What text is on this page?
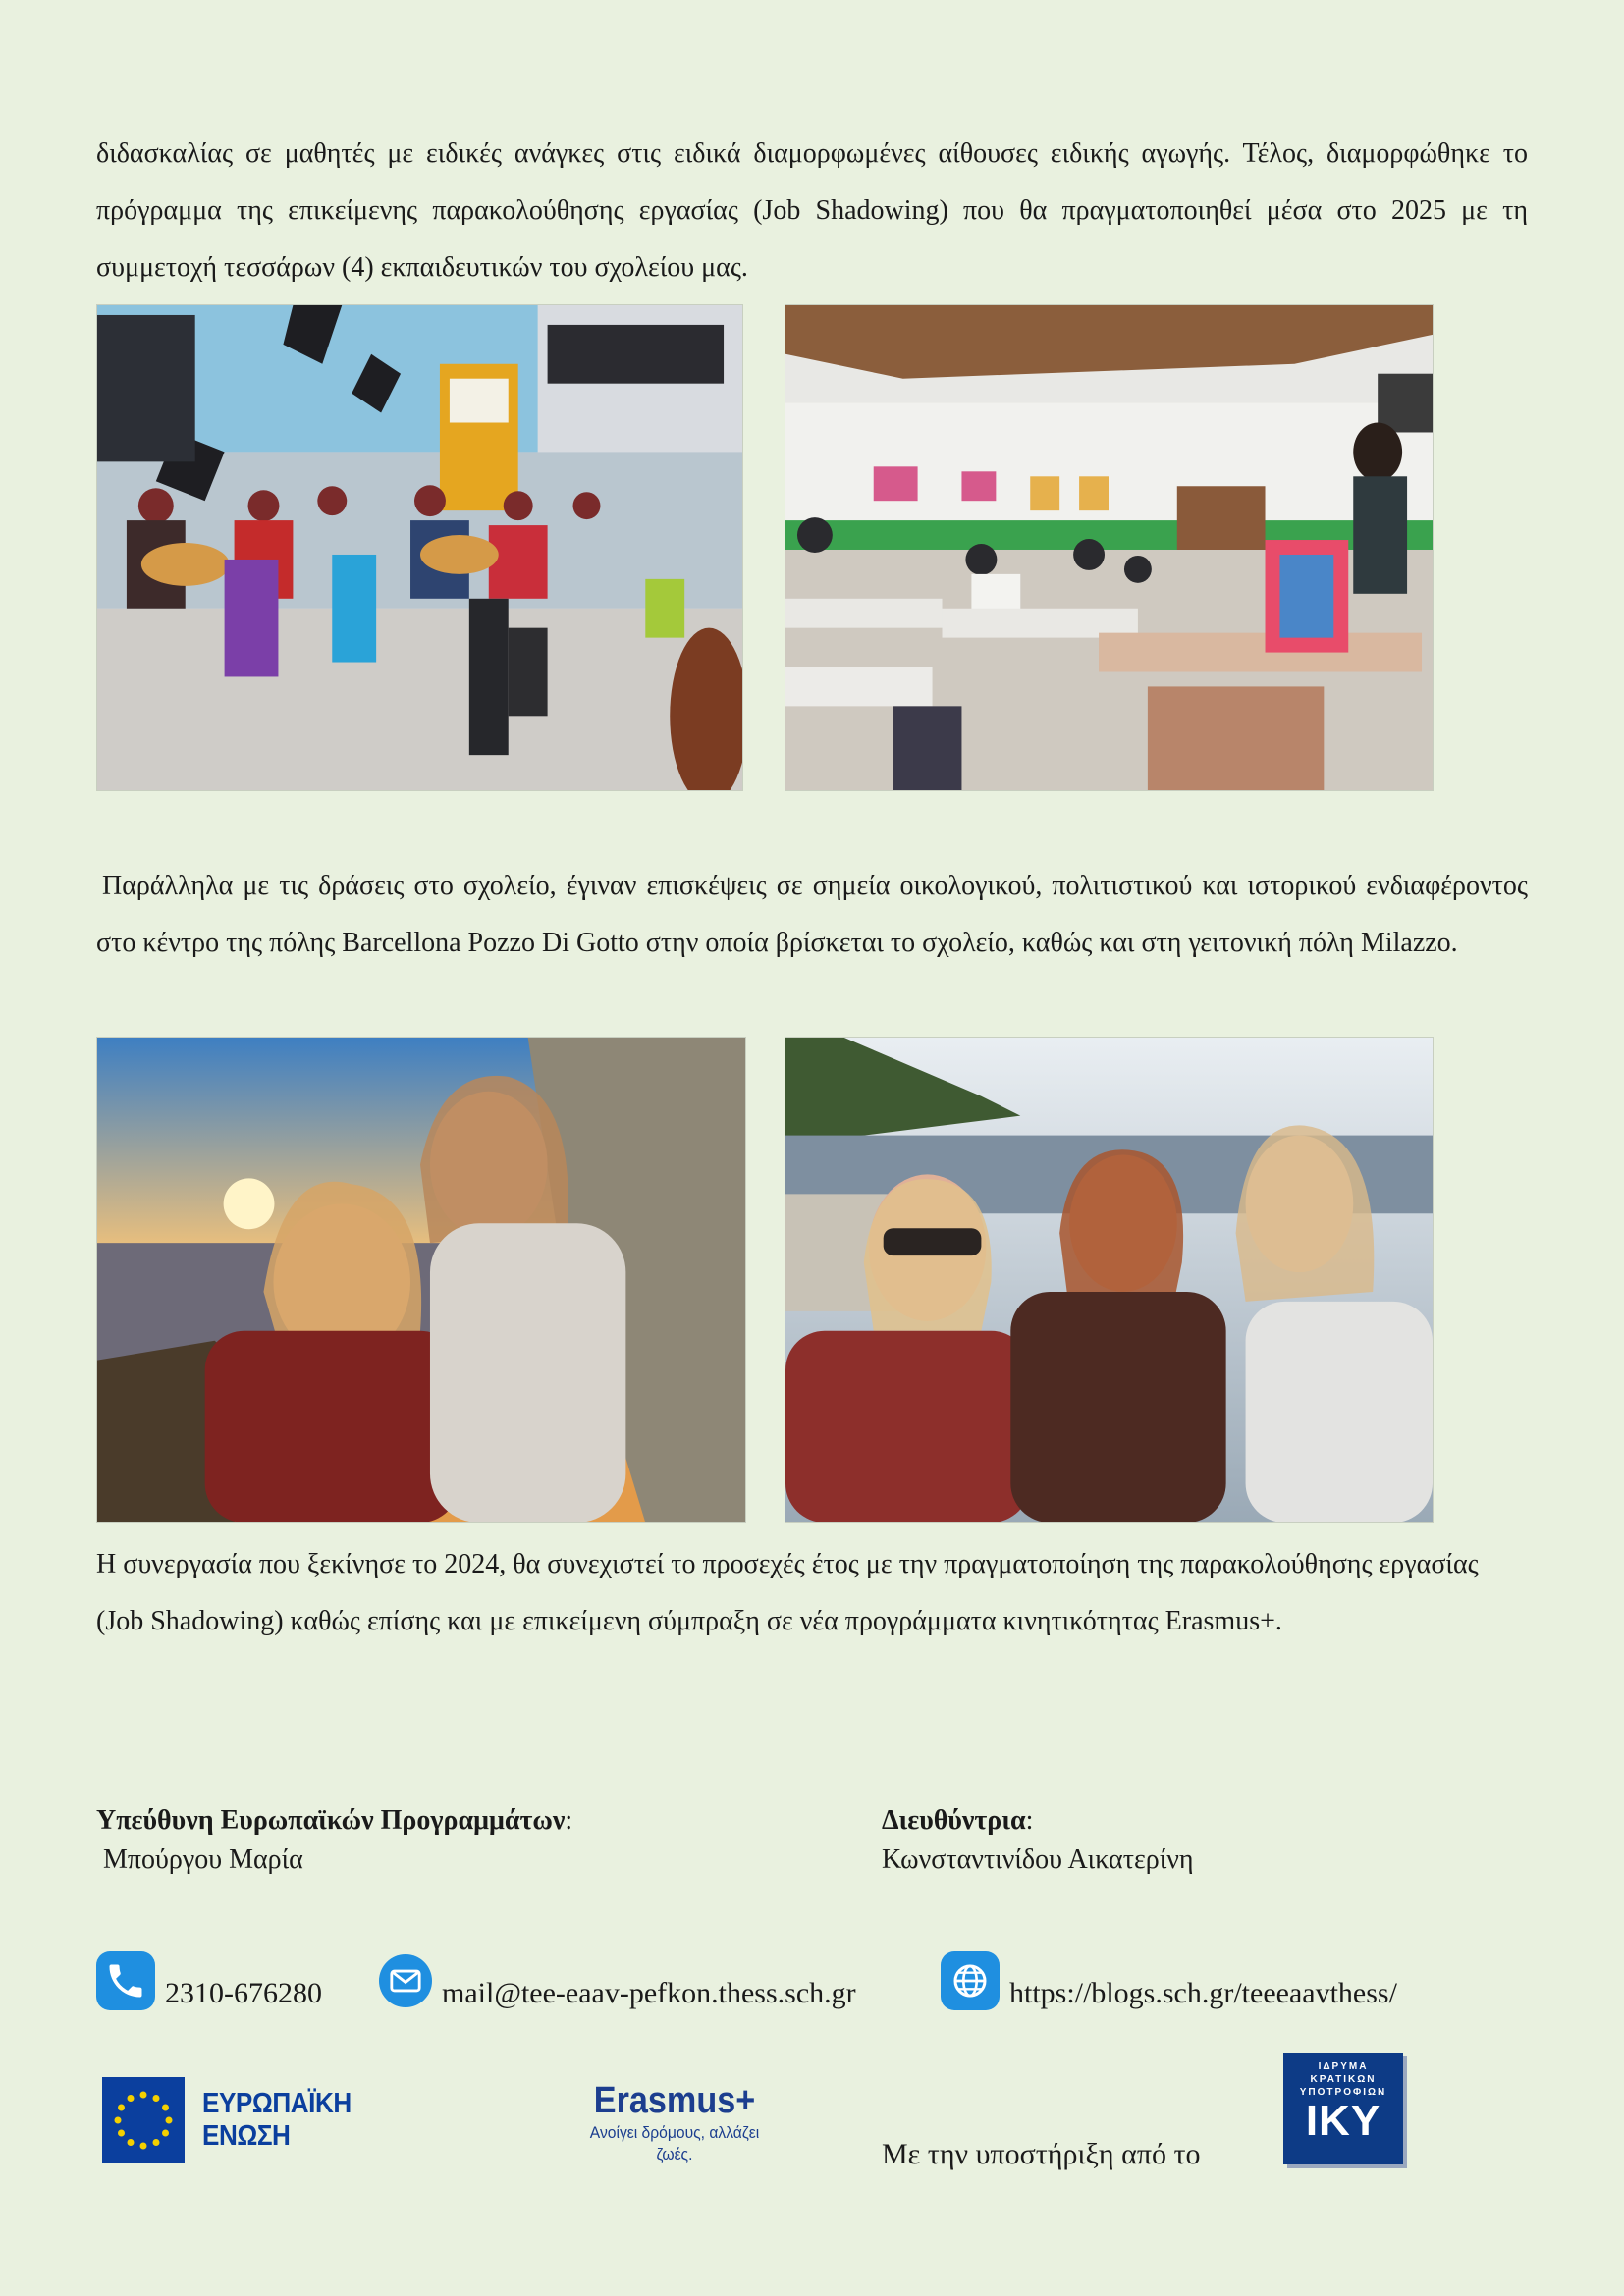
διδασκαλίας σε μαθητές με ειδικές ανάγκες στις ειδικά διαμορφωμένες αίθουσες ειδικής αγωγής. Τέλος, διαμορφώθηκε το πρόγραμμα της επικείμενης παρακολούθησης εργασίας (Job Shadowing) που θα πραγματοποιηθεί μέσα στο 2025 με τη συμμετοχή τεσσάρων (4) εκπαιδευτικών του σχολείου μας.

Παράλληλα με τις δράσεις στο σχολείο, έγιναν επισκέψεις σε σημεία οικολογικού, πολιτιστικού και ιστορικού ενδιαφέροντος στο κέντρο της πόλης Barcellona Pozzo Di Gotto στην οποία βρίσκεται το σχολείο, καθώς και στη γειτονική πόλη Milazzo.

Η συνεργασία που ξεκίνησε το 2024, θα συνεχιστεί το προσεχές έτος με την πραγματοποίηση της παρακολούθησης εργασίας (Job Shadowing) καθώς επίσης και με επικείμενη σύμπραξη σε νέα προγράμματα κινητικότητας Erasmus+.

Υπεύθυνη Ευρωπαϊκών Προγραμμάτων:
Μπούργου Μαρία
Διευθύντρια:
Κωνσταντινίδου Αικατερίνη
2310-676280	mail@tee-eaav-pefkon.thess.sch.gr	https://blogs.sch.gr/teeeaavthess/
ΕΥΡΩΠΑΪΚΗ ΕΝΩΣΗ
Erasmus+
Ανοίγει δρόμους, αλλάζει ζωές.	Με την υποστήριξη από το
ΙΔΡΥΜΑ
ΚΡΑΤΙΚΩΝ
ΥΠΟΤΡΟΦΙΩΝ
ΙΚΥ
